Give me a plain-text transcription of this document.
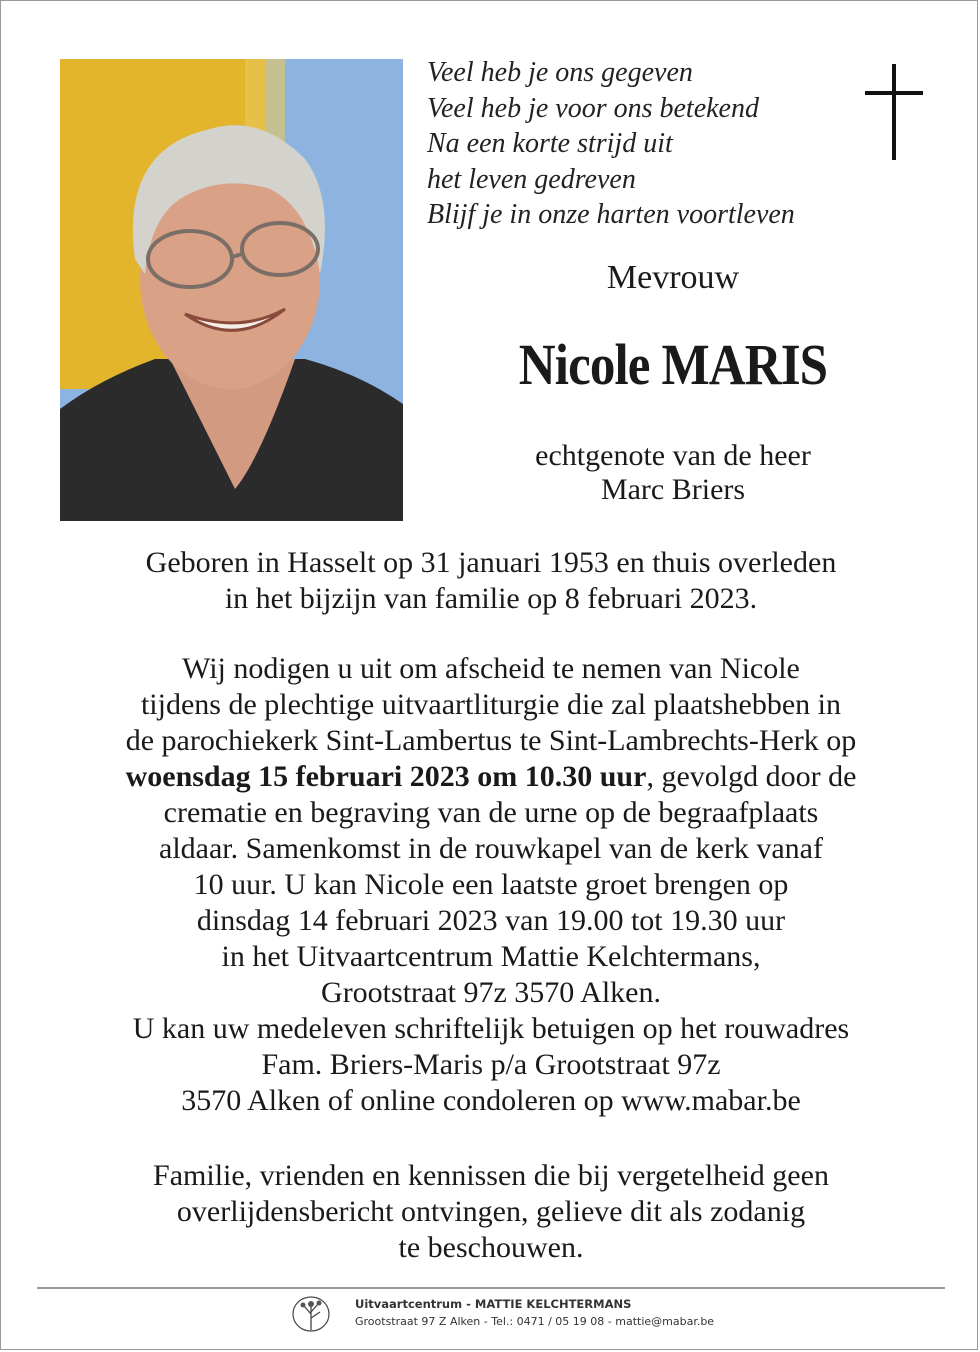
Veel heb je ons gegeven
Veel heb je voor ons betekend
Na een korte strijd uit
het leven gedreven
Blijf je in onze harten voortleven
Mevrouw
Nicole MARIS
echtgenote van de heer
Marc Briers
Geboren in Hasselt op 31 januari 1953 en thuis overleden
in het bijzijn van familie op 8 februari 2023.
Wij nodigen u uit om afscheid te nemen van Nicole
tijdens de plechtige uitvaartliturgie die zal plaatshebben in
de parochiekerk Sint-Lambertus te Sint-Lambrechts-Herk op
woensdag 15 februari 2023 om 10.30 uur, gevolgd door de
crematie en begraving van de urne op de begraafplaats
aldaar. Samenkomst in de rouwkapel van de kerk vanaf
10 uur. U kan Nicole een laatste groet brengen op
dinsdag 14 februari 2023 van 19.00 tot 19.30 uur
in het Uitvaartcentrum Mattie Kelchtermans,
Grootstraat 97z 3570 Alken.
U kan uw medeleven schriftelijk betuigen op het rouwadres
Fam. Briers-Maris p/a Grootstraat 97z
3570 Alken of online condoleren op www.mabar.be
Familie, vrienden en kennissen die bij vergetelheid geen
overlijdensbericht ontvingen, gelieve dit als zodanig
te beschouwen.
Uitvaartcentrum - MATTIE KELCHTERMANS
Grootstraat 97 Z Alken - Tel.: 0471 / 05 19 08 - mattie@mabar.be
